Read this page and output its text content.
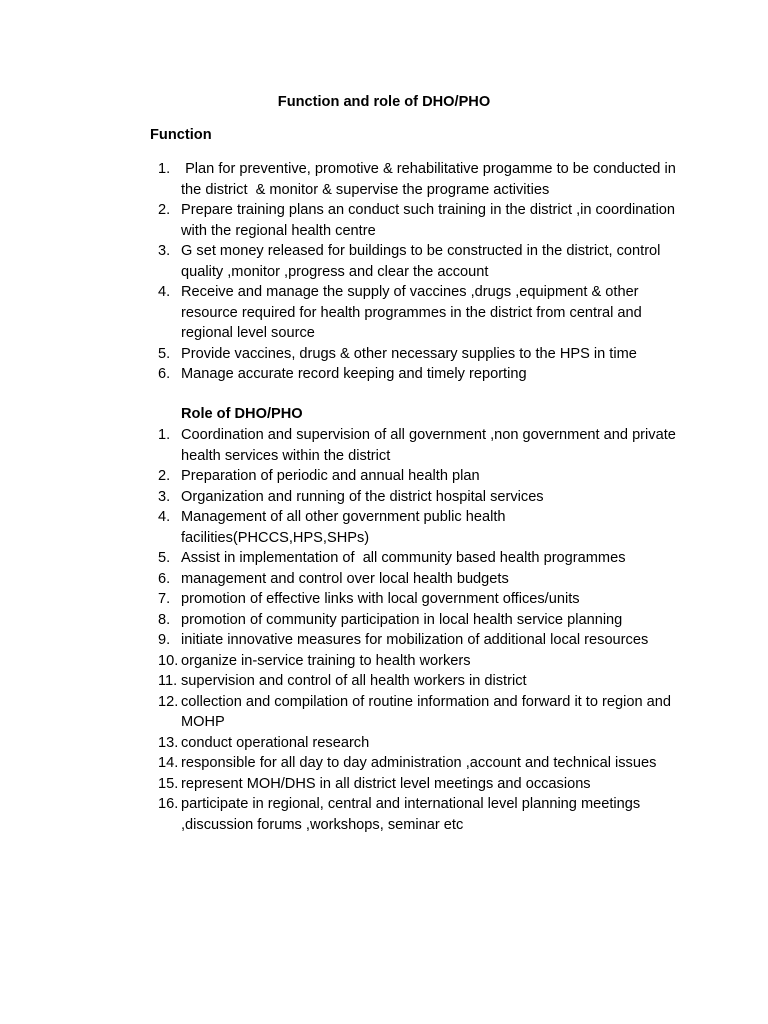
Function and role of DHO/PHO
Function
1. Plan for preventive, promotive & rehabilitative progamme to be conducted in the district  & monitor & supervise the programe activities
2. Prepare training plans an conduct such training in the district ,in coordination with the regional health centre
3. G set money released for buildings to be constructed in the district, control quality ,monitor ,progress and clear the account
4. Receive and manage the supply of vaccines ,drugs ,equipment & other resource required for health programmes in the district from central and regional level source
5. Provide vaccines, drugs & other necessary supplies to the HPS in time
6. Manage accurate record keeping and timely reporting
Role of DHO/PHO
1. Coordination and supervision of all government ,non government and private health services within the district
2. Preparation of periodic and annual health plan
3. Organization and running of the district hospital services
4. Management of all other government public health facilities(PHCCS,HPS,SHPs)
5. Assist in implementation of  all community based health programmes
6. management and control over local health budgets
7. promotion of effective links with local government offices/units
8. promotion of community participation in local health service planning
9. initiate innovative measures for mobilization of additional local resources
10. organize in-service training to health workers
11. supervision and control of all health workers in district
12. collection and compilation of routine information and forward it to region and MOHP
13. conduct operational research
14. responsible for all day to day administration ,account and technical issues
15. represent MOH/DHS in all district level meetings and occasions
16. participate in regional, central and international level planning meetings ,discussion forums ,workshops, seminar etc
